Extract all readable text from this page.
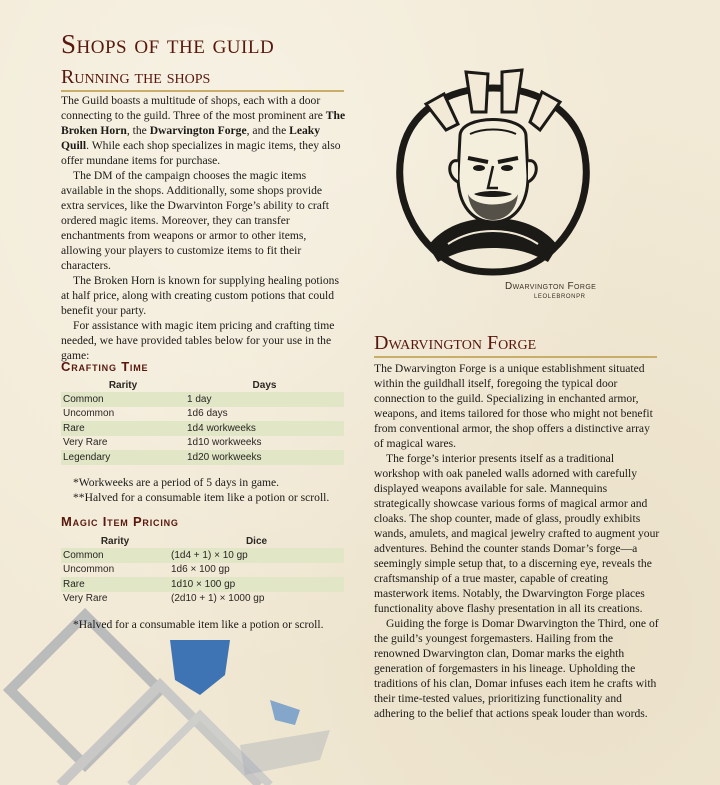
Shops of the guild
Running the shops

The Guild boasts a multitude of shops, each with a door connecting to the guild. Three of the most prominent are The Broken Horn, the Dwarvington Forge, and the Leaky Quill. While each shop specializes in magic items, they also offer mundane items for purchase.

The DM of the campaign chooses the magic items available in the shops. Additionally, some shops provide extra services, like the Dwarvinton Forge’s ability to craft ordered magic items. Moreover, they can transfer enchantments from weapons or armor to other items, allowing your players to customize items to fit their characters.

The Broken Horn is known for supplying healing potions at half price, along with creating custom potions that could benefit your party.

For assistance with magic item pricing and crafting time needed, we have provided tables below for your use in the game:

Crafting Time
Rarity	Days
Common	1 day
Uncommon	1d6 days
Rare	1d4 workweeks
Very Rare	1d10 workweeks
Legendary	1d20 workweeks

*Workweeks are a period of 5 days in game.

**Halved for a consumable item like a potion or scroll.

Magic Item Pricing
Rarity	Dice
Common	(1d4 + 1) × 10 gp
Uncommon	1d6 × 100 gp
Rare	1d10 × 100 gp
Very Rare	(2d10 + 1) × 1000 gp

*Halved for a consumable item like a potion or scroll.

Dwarvington Forge
LEOLEBRONPR
Dwarvington Forge

The Dwarvington Forge is a unique establishment situated within the guildhall itself, foregoing the typical door connection to the guild. Specializing in enchanted armor, weapons, and items tailored for those who might not benefit from conventional armor, the shop offers a distinctive array of magical wares.

The forge’s interior presents itself as a traditional workshop with oak paneled walls adorned with carefully displayed weapons available for sale. Mannequins strategically showcase various forms of magical armor and cloaks. The shop counter, made of glass, proudly exhibits wands, amulets, and magical jewelry crafted to augment your adventures. Behind the counter stands Domar’s forge—a seemingly simple setup that, to a discerning eye, reveals the craftsmanship of a true master, capable of creating masterwork items. Notably, the Dwarvington Forge places functionality above flashy presentation in all its creations.

Guiding the forge is Domar Dwarvington the Third, one of the guild’s youngest forgemasters. Hailing from the renowned Dwarvington clan, Domar marks the eighth generation of forgemasters in his lineage. Upholding the traditions of his clan, Domar infuses each item he crafts with their time-tested values, prioritizing functionality and adhering to the belief that actions speak louder than words.
